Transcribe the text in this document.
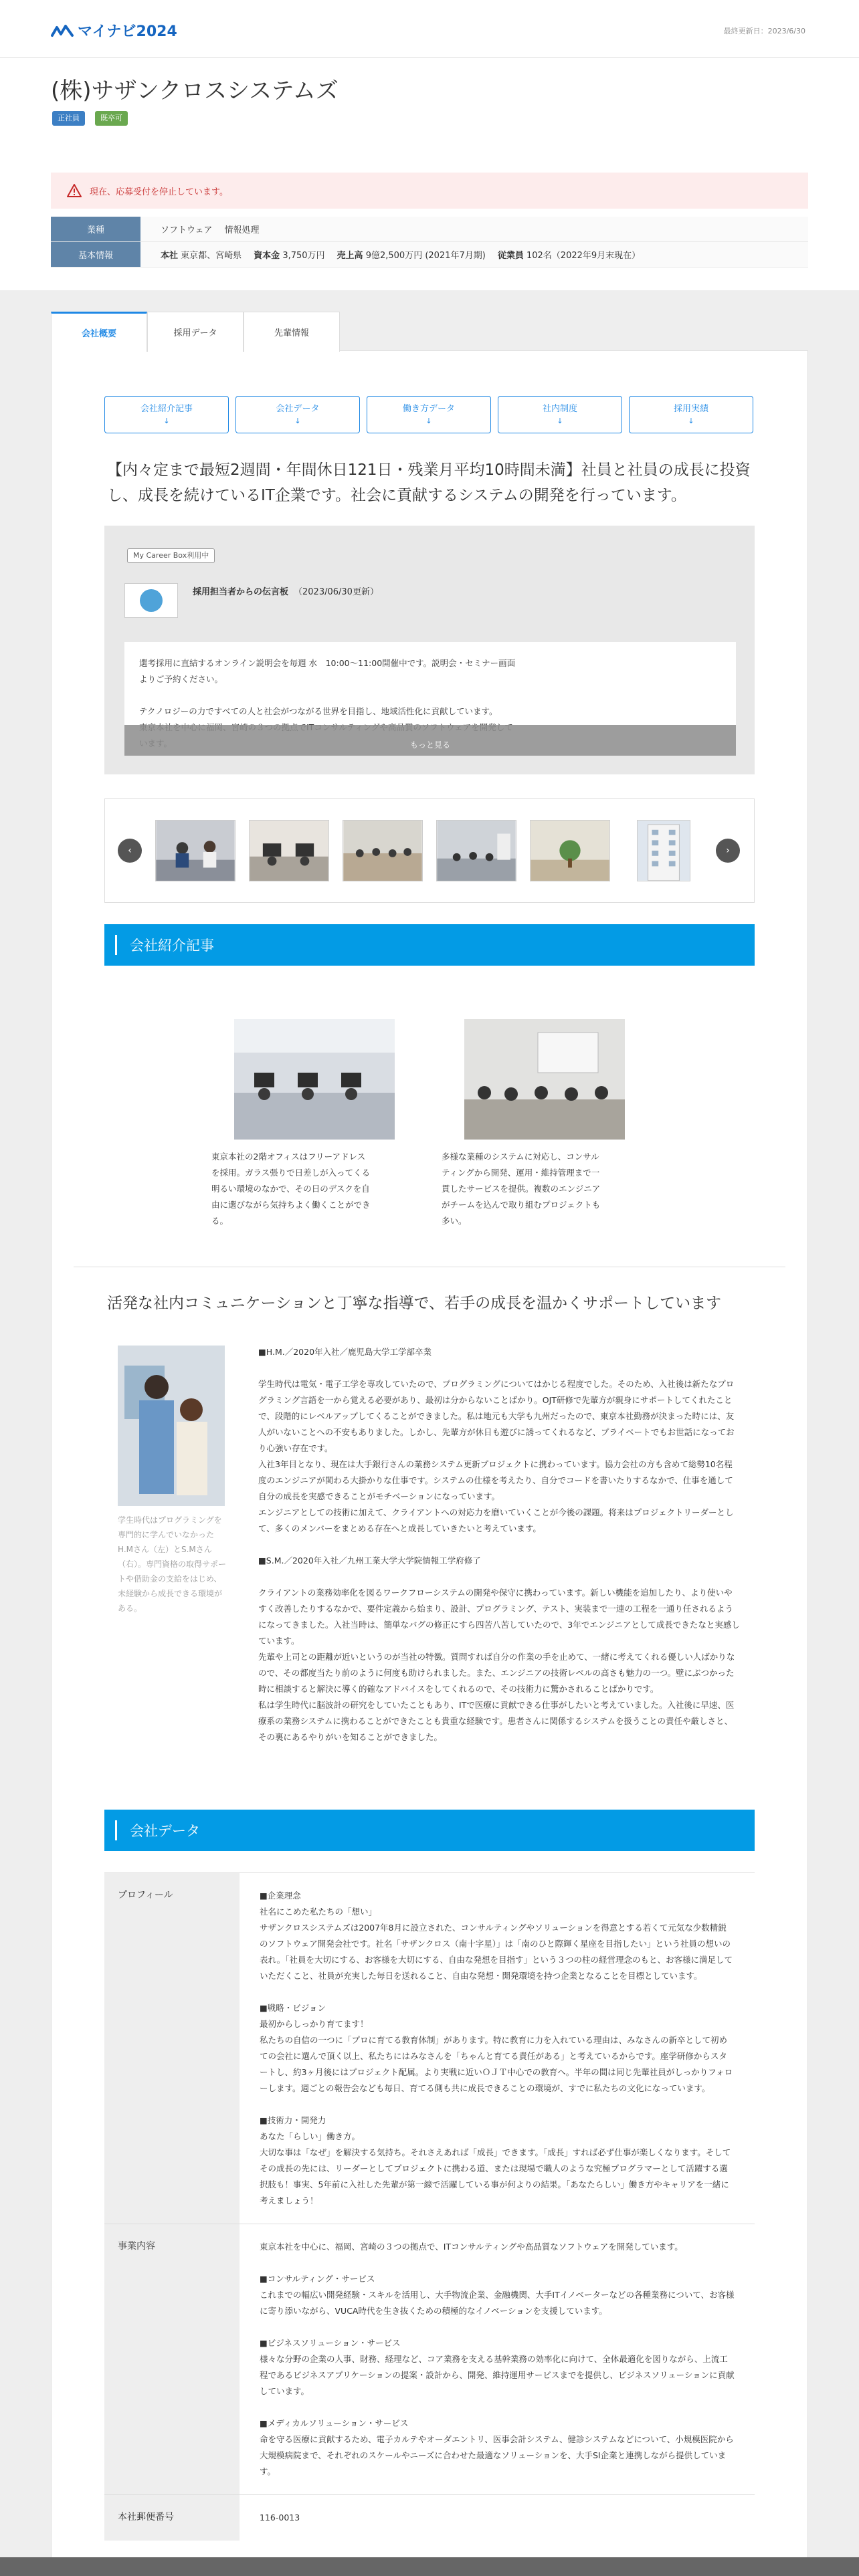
マイナビ2024	最終更新日：2023/6/30
(株)サザンクロスシステムズ
正社員	既卒可
現在、応募受付を停止しています。
業種	ソフトウェア 情報処理
基本情報	本社 東京都、宮崎県 資本金 3,750万円 売上高 9億2,500万円 (2021年7月期) 従業員 102名（2022年9月末現在）
会社概要	採用データ	先輩情報
会社紹介記事
↓
会社データ
↓
働き方データ
↓
社内制度
↓
採用実績
↓
【内々定まで最短2週間・年間休日121日・残業月平均10時間未満】社員と社員の成長に投資し、成長を続けているIT企業です。社会に貢献するシステムの開発を行っています。
My Career Box利用中
採用担当者からの伝言板 （2023/06/30更新）
選考採用に直結するオンライン説明会を毎週 水　10:00～11:00開催中です。説明会・セミナー画面
よりご予約ください。
テクノロジーの力ですべての人と社会がつながる世界を目指し、地域活性化に貢献しています。
もっと見る
‹	›
会社紹介記事
東京本社の2階オフィスはフリーアドレスを採用。ガラス張りで日差しが入ってくる明るい環境のなかで、その日のデスクを自由に選びながら気持ちよく働くことができる。
多様な業種のシステムに対応し、コンサルティングから開発、運用・維持管理まで一貫したサービスを提供。複数のエンジニアがチームを込んで取り組むプロジェクトも多い。
活発な社内コミュニケーションと丁寧な指導で、若手の成長を温かくサポートしています
学生時代はプログラミングを専門的に学んでいなかったH.Mさん（左）とS.Mさん（右）。専門資格の取得サポートや借助金の支給をはじめ、未経験から成長できる環境がある。
■H.M.／2020年入社／鹿児島大学工学部卒業
学生時代は電気・電子工学を専攻していたので、プログラミングについてはかじる程度でした。そのため、入社後は新たなプログラミング言語を一から覚える必要があり、最初は分からないことばかり。OJT研修で先輩方が親身にサポートしてくれたことで、段階的にレベルアップしてくることができました。私は地元も大学も九州だったので、東京本社勤務が決まった時には、友人がいないことへの不安もありました。しかし、先輩方が休日も遊びに誘ってくれるなど、プライベートでもお世話になっており心強い存在です。
入社3年目となり、現在は大手銀行さんの業務システム更新プロジェクトに携わっています。協力会社の方も含めて総勢10名程度のエンジニアが関わる大掛かりな仕事です。システムの仕様を考えたり、自分でコードを書いたりするなかで、仕事を通して自分の成長を実感できることがモチベーションになっています。
エンジニアとしての技術に加えて、クライアントへの対応力を磨いていくことが今後の課題。将来はプロジェクトリーダーとして、多くのメンバーをまとめる存在へと成長していきたいと考えています。
■S.M.／2020年入社／九州工業大学大学院情報工学府修了
クライアントの業務効率化を図るワークフローシステムの開発や保守に携わっています。新しい機能を追加したり、より使いやすく改善したりするなかで、要件定義から始まり、設計、プログラミング、テスト、実装まで一連の工程を一通り任されるようになってきました。入社当時は、簡単なバグの修正にすら四苦八苦していたので、3年でエンジニアとして成長できたなと実感しています。
先輩や上司との距離が近いというのが当社の特徴。質問すれば自分の作業の手を止めて、一緒に考えてくれる優しい人ばかりなので、その都度当たり前のように何度も助けられました。また、エンジニアの技術レベルの高さも魅力の一つ。壁にぶつかった時に相談すると解決に導く的確なアドバイスをしてくれるので、その技術力に驚かされることばかりです。
私は学生時代に脳波計の研究をしていたこともあり、ITで医療に貢献できる仕事がしたいと考えていました。入社後に早速、医療系の業務システムに携わることができたことも貴重な経験です。患者さんに関係するシステムを扱うことの責任や厳しさと、その裏にあるやりがいを知ることができました。
会社データ
プロフィール	■企業理念
社名にこめた私たちの「想い」
サザンクロスシステムズは2007年8月に設立された、コンサルティングやソリューションを得意とする若くて元気な少数精鋭のソフトウェア開発会社です。社名「サザンクロス（南十字星）」は「南のひと際輝く星座を目指したい」という社員の想いの表れ。「社員を大切にする、お客様を大切にする、自由な発想を目指す」という３つの柱の経営理念のもと、お客様に満足していただくこと、社員が充実した毎日を送れること、自由な発想・開発環境を持つ企業となることを目標としています。
■戦略・ビジョン
最初からしっかり育てます！
私たちの自信の一つに「プロに育てる教育体制」があります。特に教育に力を入れている理由は、みなさんの新卒として初めての会社に選んで頂く以上、私たちにはみなさんを「ちゃんと育てる責任がある」と考えているからです。座学研修からスタートし、約3ヶ月後にはプロジェクト配属。より実戦に近いＯＪＴ中心での教育へ。半年の間は同じ先輩社員がしっかりフォローします。週ごとの報告会なども毎日、育てる側も共に成長できることの環境が、すでに私たちの文化になっています。
■技術力・開発力
あなた「らしい」働き方。
大切な事は「なぜ」を解決する気持ち。それさえあれば「成長」できます。「成長」すれば必ず仕事が楽しくなります。そしてその成長の先には、リーダーとしてプロジェクトに携わる道、または現場で職人のような究極プログラマーとして活躍する選択肢も！事実、5年前に入社した先輩が第一線で活躍している事が何よりの結果。「あなたらしい」働き方やキャリアを一緒に考えましょう！
事業内容	東京本社を中心に、福岡、宮崎の３つの拠点で、ITコンサルティングや高品質なソフトウェアを開発しています。
■コンサルティング・サービス
これまでの幅広い開発経験・スキルを活用し、大手物流企業、金融機関、大手ITイノベーターなどの各種業務について、お客様に寄り添いながら、VUCA時代を生き抜くための積極的なイノベーションを支援しています。
■ビジネスソリューション・サービス
様々な分野の企業の人事、財務、経理など、コア業務を支える基幹業務の効率化に向けて、全体最適化を図りながら、上流工程であるビジネスアプリケーションの提案・設計から、開発、維持運用サービスまでを提供し、ビジネスソリューションに貢献しています。
■メディカルソリューション・サービス
命を守る医療に貢献するため、電子カルテやオーダエントリ、医事会計システム、健診システムなどについて、小規模医院から大規模病院まで、それぞれのスケールやニーズに合わせた最適なソリューションを、大手SI企業と連携しながら提供しています。
本社郵便番号	116-0013
